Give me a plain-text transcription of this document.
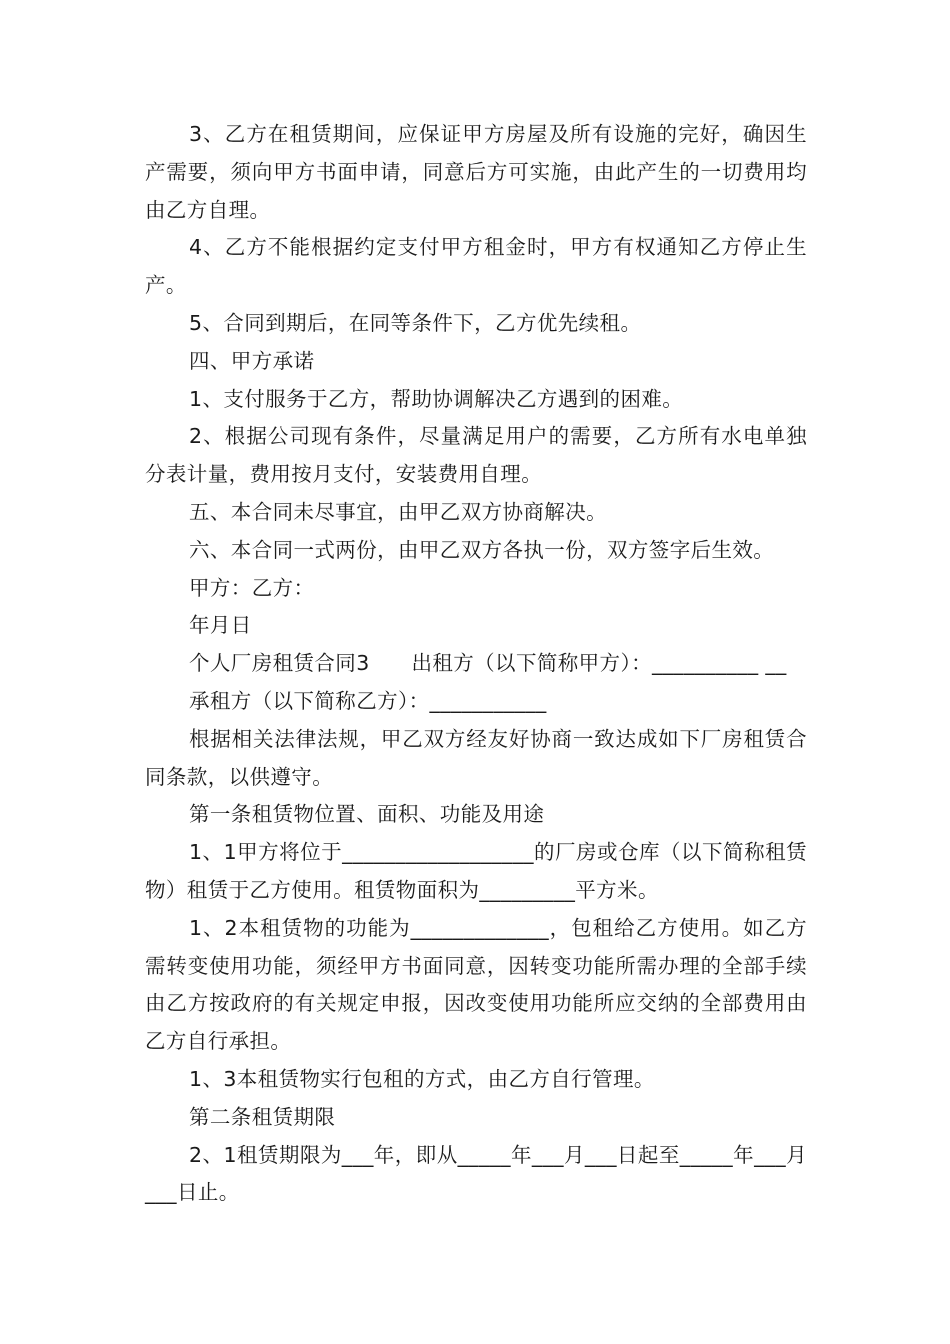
3、乙方在租赁期间，应保证甲方房屋及所有设施的完好，确因生产需要，须向甲方书面申请，同意后方可实施，由此产生的一切费用均由乙方自理。

4、乙方不能根据约定支付甲方租金时，甲方有权通知乙方停止生产。

5、合同到期后，在同等条件下，乙方优先续租。

四、甲方承诺

1、支付服务于乙方，帮助协调解决乙方遇到的困难。

2、根据公司现有条件，尽量满足用户的需要，乙方所有水电单独分表计量，费用按月支付，安装费用自理。

五、本合同未尽事宜，由甲乙双方协商解决。

六、本合同一式两份，由甲乙双方各执一份，双方签字后生效。

甲方：乙方：

年月日

个人厂房租赁合同3　　出租方（以下简称甲方）：__________ __

承租方（以下简称乙方）：___________

根据相关法律法规，甲乙双方经友好协商一致达成如下厂房租赁合同条款，以供遵守。

第一条租赁物位置、面积、功能及用途

1、1甲方将位于__________________的厂房或仓库（以下简称租赁物）租赁于乙方使用。租赁物面积为_________平方米。

1、2本租赁物的功能为_____________，包租给乙方使用。如乙方需转变使用功能，须经甲方书面同意，因转变功能所需办理的全部手续由乙方按政府的有关规定申报，因改变使用功能所应交纳的全部费用由乙方自行承担。

1、3本租赁物实行包租的方式，由乙方自行管理。

第二条租赁期限

2、1租赁期限为___年，即从_____年___月___日起至_____年___月___日止。
